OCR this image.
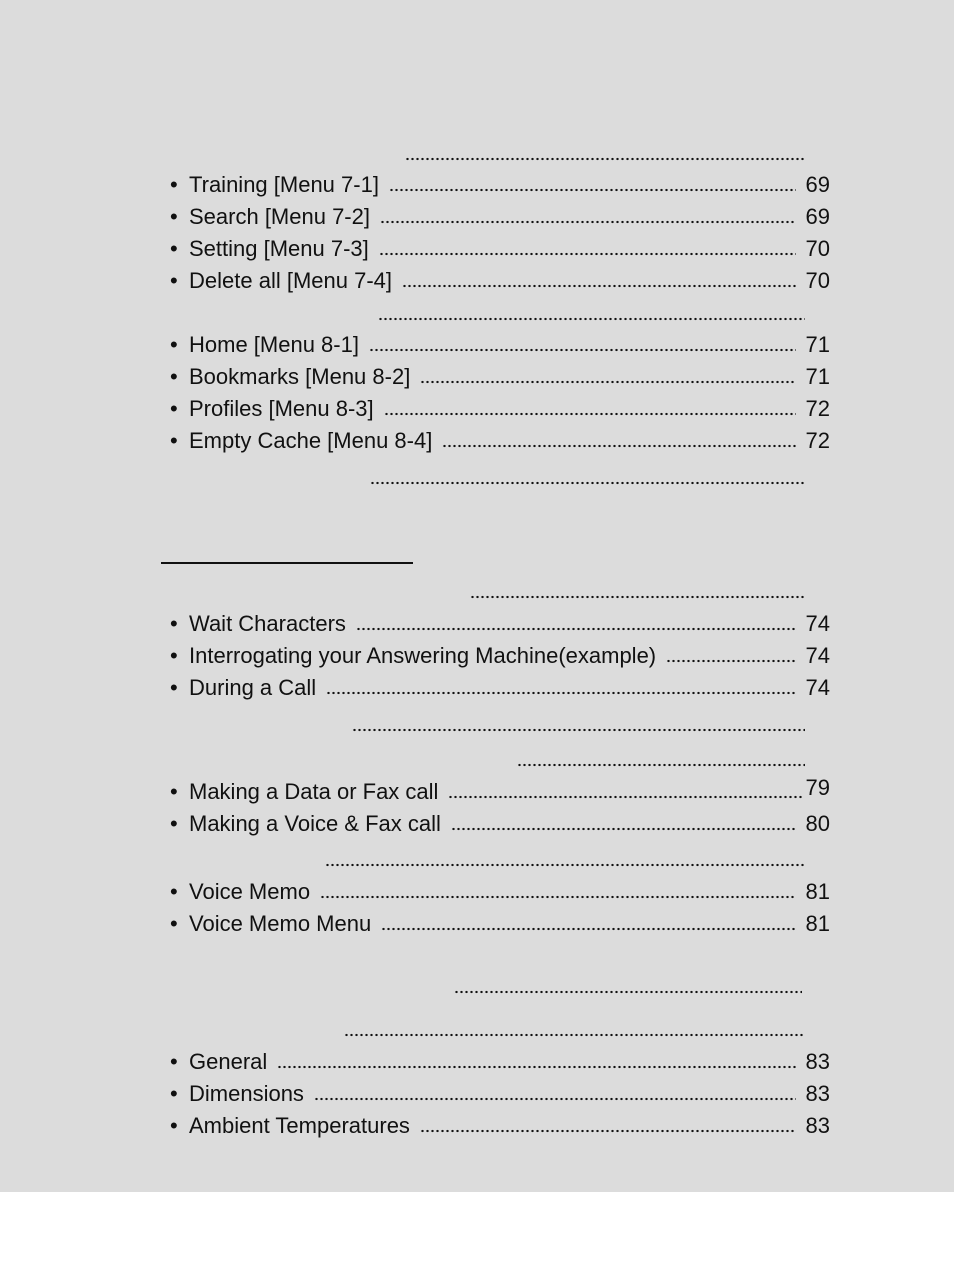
• Training [Menu 7-1]	69
• Search [Menu 7-2]	69
• Setting [Menu 7-3]	70
• Delete all [Menu 7-4]	70
• Home [Menu 8-1]	71
• Bookmarks [Menu 8-2]	71
• Profiles [Menu 8-3]	72
• Empty Cache [Menu 8-4]	72
• Wait Characters	74
• Interrogating your Answering Machine(example)	74
• During a Call	74
• Making a Data or Fax call	79
• Making a Voice & Fax call	80
• Voice Memo	81
• Voice Memo Menu	81
• General	83
• Dimensions	83
• Ambient Temperatures	83
